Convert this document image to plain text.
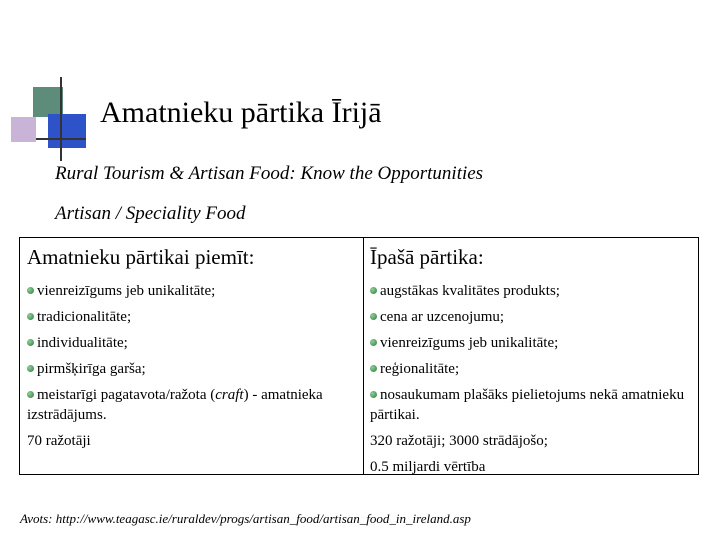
Amatnieku pārtika Īrijā
Rural Tourism & Artisan Food: Know the Opportunities
Artisan / Speciality Food
Amatnieku pārtikai piemīt:
vienreizīgums jeb unikalitāte;
tradicionalitāte;
individualitāte;
pirmšķirīga garša;
meistarīgi pagatavota/ražota (craft) - amatnieka izstrādājums.
70 ražotāji
Īpašā pārtika:
augstākas kvalitātes produkts;
cena ar uzcenojumu;
vienreizīgums jeb unikalitāte;
reģionalitāte;
nosaukumam plašāks pielietojums nekā amatnieku pārtikai.
320 ražotāji; 3000 strādājošo;
0.5 miljardi vērtība
Avots: http://www.teagasc.ie/ruraldev/progs/artisan_food/artisan_food_in_ireland.asp
